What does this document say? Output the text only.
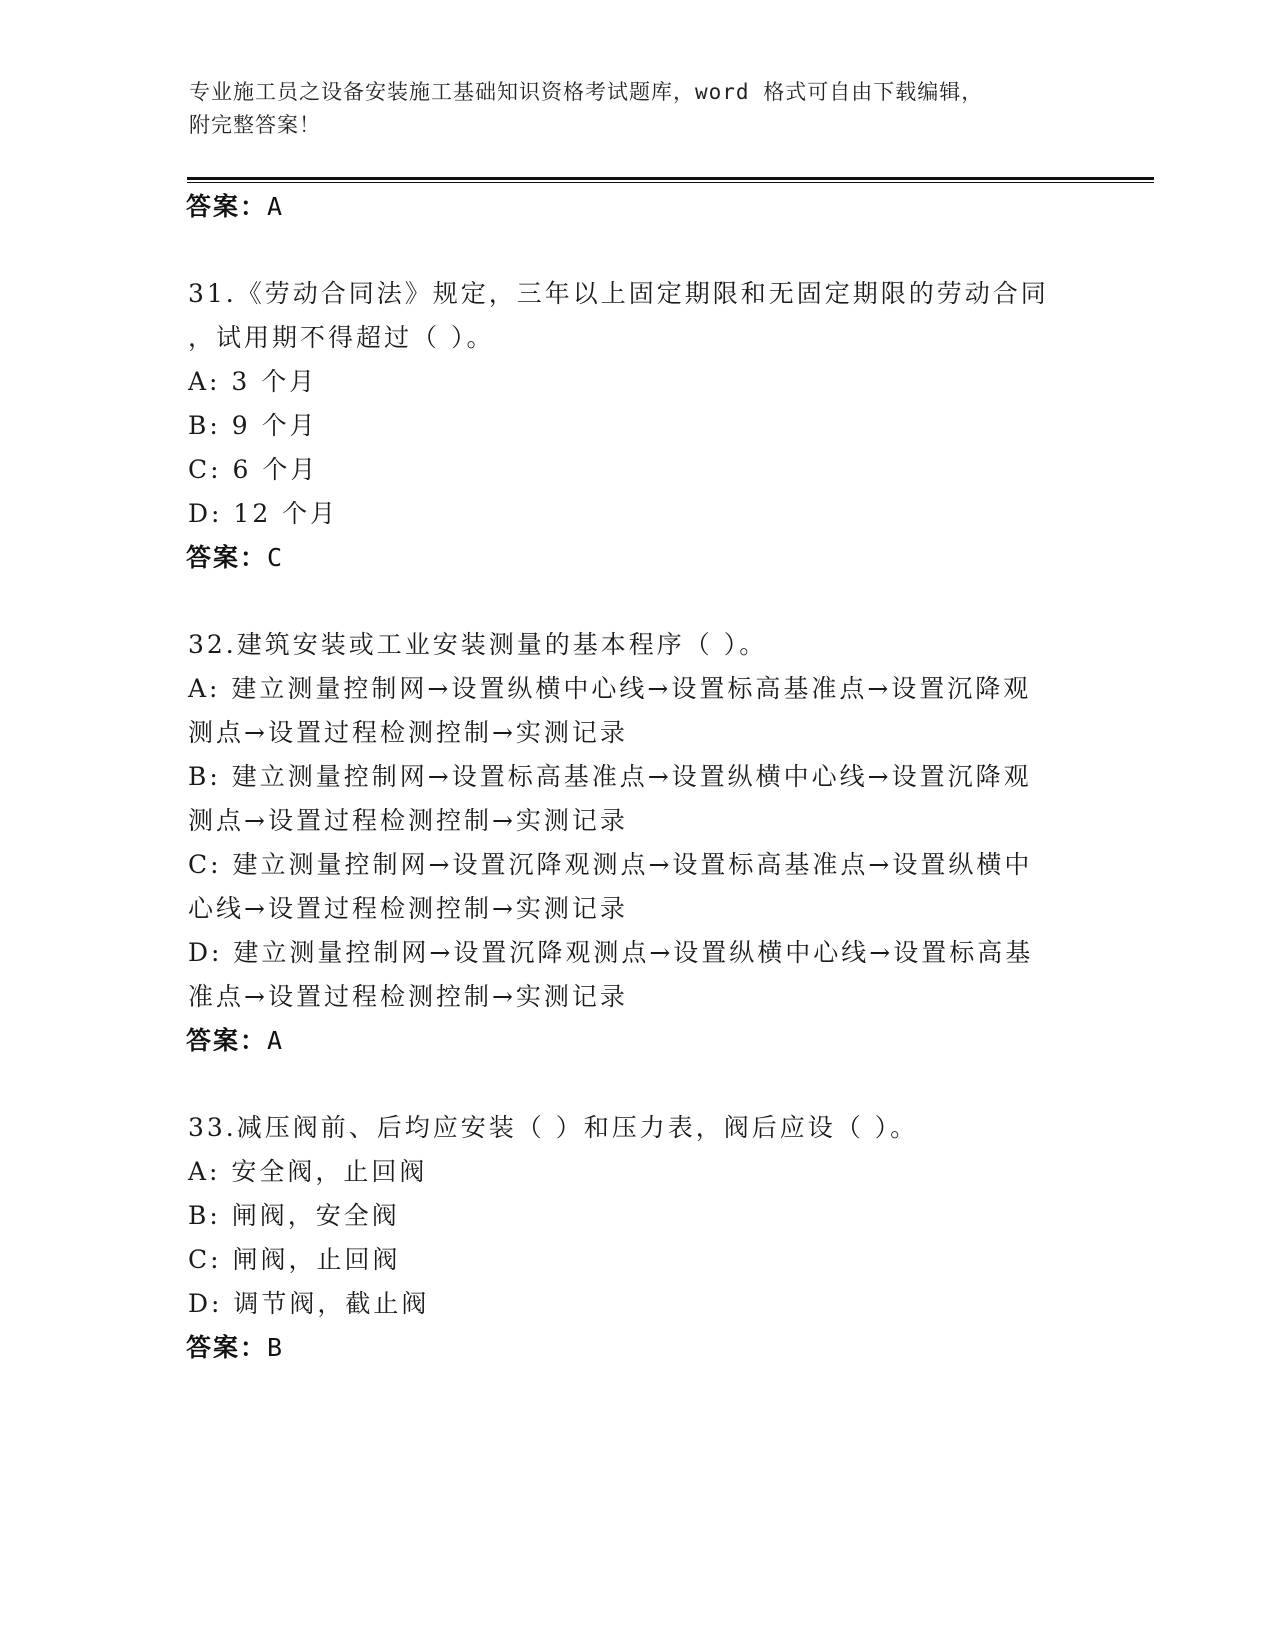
专业施工员之设备安装施工基础知识资格考试题库，word 格式可自由下载编辑，
附完整答案！
答案：A
31.《劳动合同法》规定，三年以上固定期限和无固定期限的劳动合同
，试用期不得超过（ ）。
A: 3 个月
B: 9 个月
C: 6 个月
D: 12 个月
答案：C
32.建筑安装或工业安装测量的基本程序（ ）。
A: 建立测量控制网→设置纵横中心线→设置标高基准点→设置沉降观
测点→设置过程检测控制→实测记录
B: 建立测量控制网→设置标高基准点→设置纵横中心线→设置沉降观
测点→设置过程检测控制→实测记录
C: 建立测量控制网→设置沉降观测点→设置标高基准点→设置纵横中
心线→设置过程检测控制→实测记录
D: 建立测量控制网→设置沉降观测点→设置纵横中心线→设置标高基
准点→设置过程检测控制→实测记录
答案：A
33.减压阀前、后均应安装（ ）和压力表，阀后应设（ ）。
A: 安全阀，止回阀
B: 闸阀，安全阀
C: 闸阀，止回阀
D: 调节阀，截止阀
答案：B
